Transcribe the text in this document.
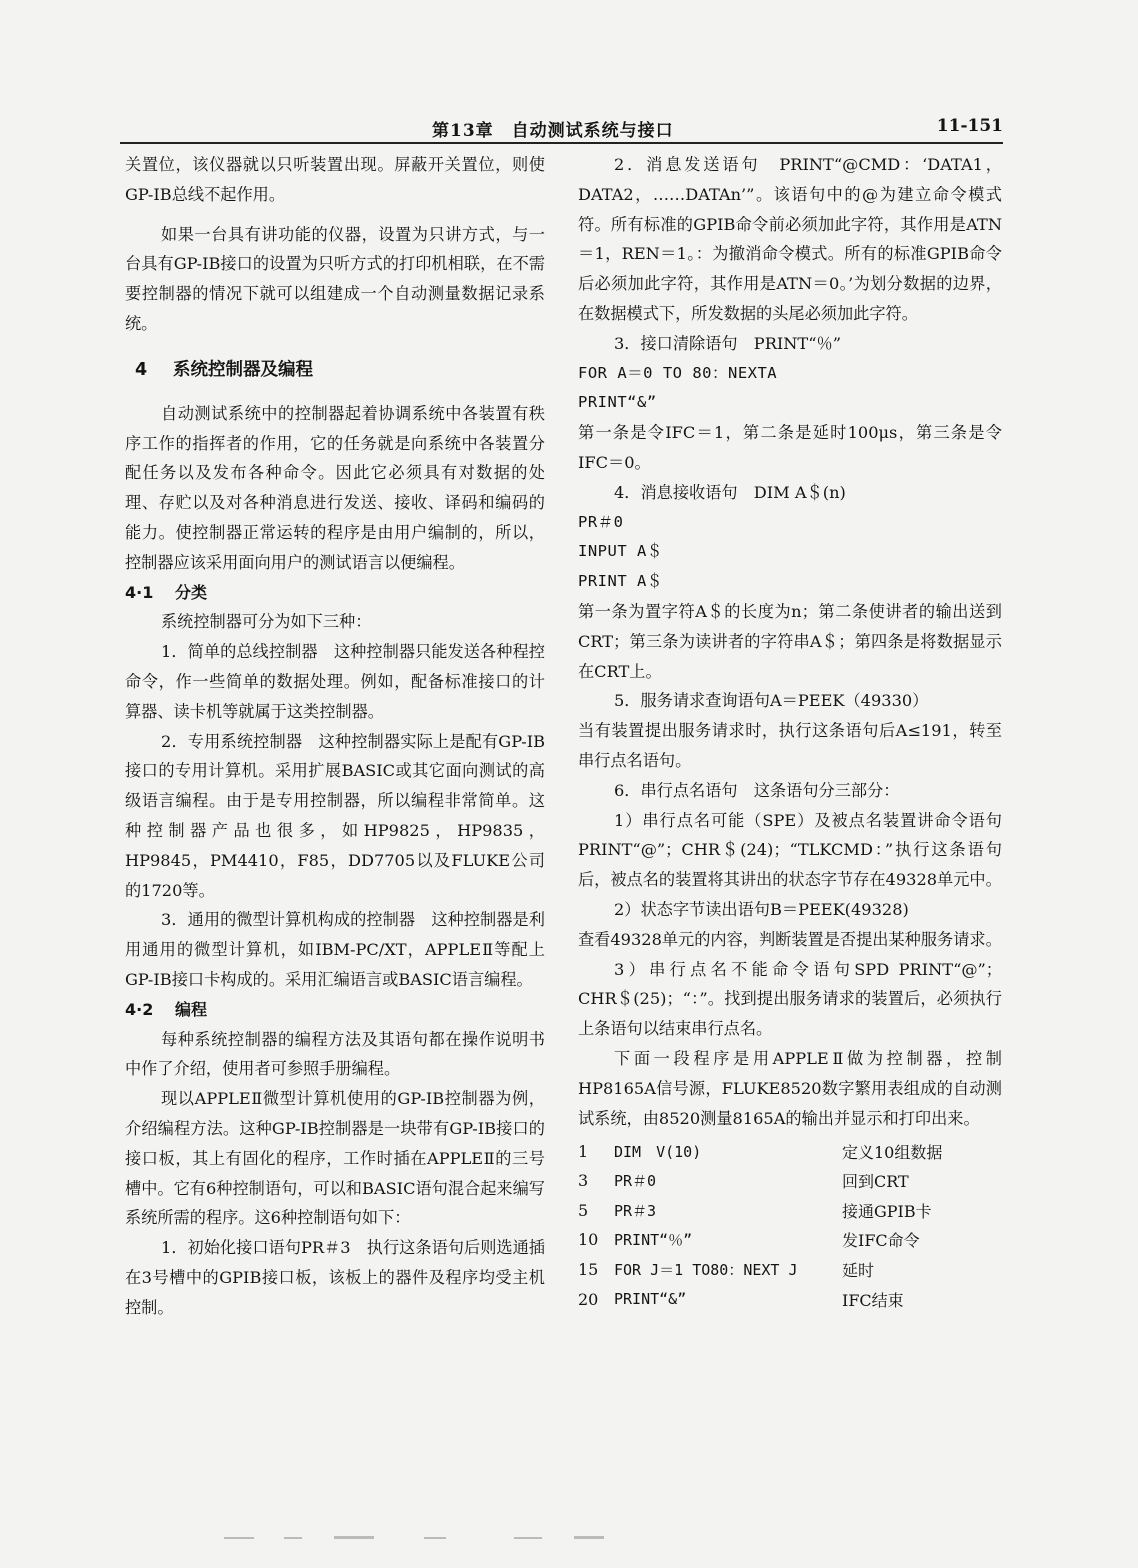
第13章　自动测试系统与接口	11-151

关置位，该仪器就以只听装置出现。屏蔽开关置位，则使GP-IB总线不起作用。

如果一台具有讲功能的仪器，设置为只讲方式，与一台具有GP-IB接口的设置为只听方式的打印机相联，在不需要控制器的情况下就可以组建成一个自动测量数据记录系统。

4 系统控制器及编程

自动测试系统中的控制器起着协调系统中各装置有秩序工作的指挥者的作用，它的任务就是向系统中各装置分配任务以及发布各种命令。因此它必须具有对数据的处理、存贮以及对各种消息进行发送、接收、译码和编码的能力。使控制器正常运转的程序是由用户编制的，所以，控制器应该采用面向用户的测试语言以便编程。

4·1 分类

系统控制器可分为如下三种：

1．简单的总线控制器　这种控制器只能发送各种程控命令，作一些简单的数据处理。例如，配备标准接口的计算器、读卡机等就属于这类控制器。

2．专用系统控制器　这种控制器实际上是配有GP-IB接口的专用计算机。采用扩展BASIC或其它面向测试的高级语言编程。由于是专用控制器，所以编程非常简单。这种控制器产品也很多，如HP9825，HP9835，HP9845，PM4410，F85，DD7705以及FLUKE公司的1720等。

3．通用的微型计算机构成的控制器　这种控制器是利用通用的微型计算机，如IBM-PC/XT，APPLEⅡ等配上GP-IB接口卡构成的。采用汇编语言或BASIC语言编程。

4·2 编程

每种系统控制器的编程方法及其语句都在操作说明书中作了介绍，使用者可参照手册编程。

现以APPLEⅡ微型计算机使用的GP-IB控制器为例，介绍编程方法。这种GP-IB控制器是一块带有GP-IB接口的接口板，其上有固化的程序，工作时插在APPLEⅡ的三号槽中。它有6种控制语句，可以和BASIC语句混合起来编写系统所需的程序。这6种控制语句如下：

1．初始化接口语句PR＃3　执行这条语句后则选通插在3号槽中的GPIB接口板，该板上的器件及程序均受主机控制。

2．消息发送语句　PRINT“@CMD：‘DATA1，DATA2，……DATAn’”。该语句中的@为建立命令模式符。所有标准的GPIB命令前必须加此字符，其作用是ATN＝1，REN＝1。：为撤消命令模式。所有的标准GPIB命令后必须加此字符，其作用是ATN＝0。’为划分数据的边界，在数据模式下，所发数据的头尾必须加此字符。

3．接口清除语句　PRINT“％”

FOR A＝0 TO 80：NEXTA

PRINT“&”

第一条是令IFC＝1，第二条是延时100μs，第三条是令IFC＝0。

4．消息接收语句　DIM A＄(n)

PR＃0

INPUT A＄

PRINT A＄

第一条为置字符A＄的长度为n；第二条使讲者的输出送到CRT；第三条为读讲者的字符串A＄；第四条是将数据显示在CRT上。

5．服务请求查询语句A＝PEEK（49330）

当有装置提出服务请求时，执行这条语句后A≤191，转至串行点名语句。

6．串行点名语句　这条语句分三部分：

1）串行点名可能（SPE）及被点名装置讲命令语句　PRINT“@”；CHR＄(24)；“TLKCMD：”执行这条语句后，被点名的装置将其讲出的状态字节存在49328单元中。

2）状态字节读出语句B＝PEEK(49328)

查看49328单元的内容，判断装置是否提出某种服务请求。

3）串行点名不能命令语句SPD PRINT“@”；CHR＄(25)；“：”。找到提出服务请求的装置后，必须执行上条语句以结束串行点名。

下面一段程序是用APPLEⅡ做为控制器，控制HP8165A信号源，FLUKE8520数字繁用表组成的自动测试系统，由8520测量8165A的输出并显示和打印出来。

1	DIM　V(10)	定义10组数据
3	PR＃0	回到CRT
5	PR＃3	接通GPIB卡
10	PRINT“％”	发IFC命令
15	FOR J＝1 TO80：NEXT J	延时
20	PRINT“&”	IFC结束
